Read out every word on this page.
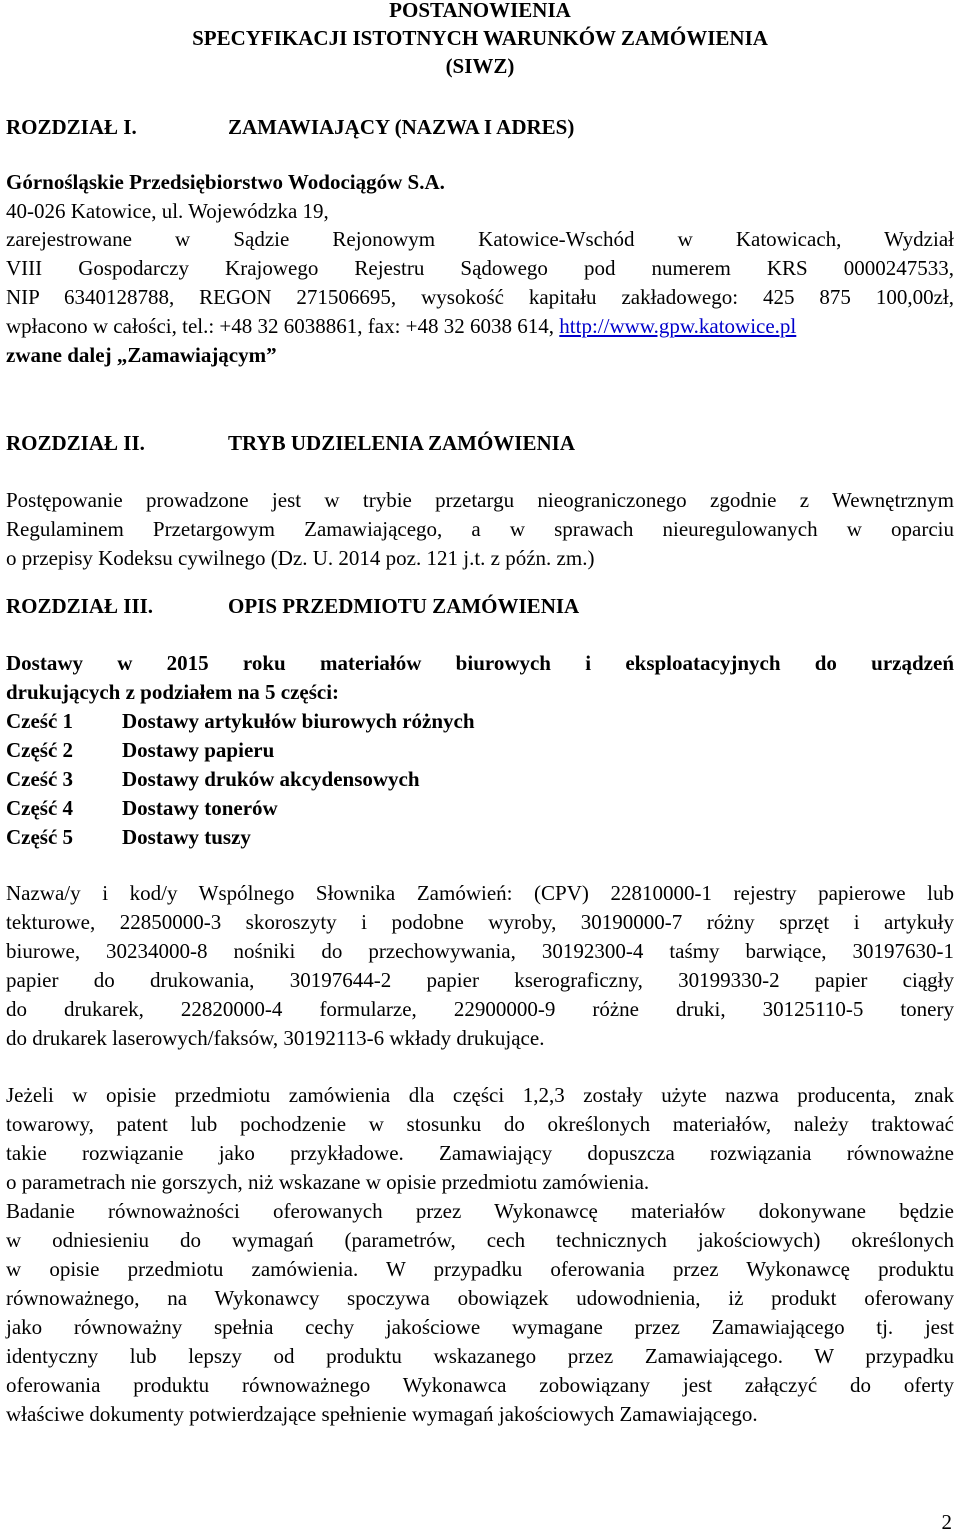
POSTANOWIENIA
SPECYFIKACJI ISTOTNYCH WARUNKÓW ZAMÓWIENIA
(SIWZ)
ROZDZIAŁ I.	ZAMAWIAJĄCY (NAZWA I ADRES)
Górnośląskie Przedsiębiorstwo Wodociągów S.A.
40-026 Katowice, ul. Wojewódzka 19,
zarejestrowane w Sądzie Rejonowym Katowice-Wschód w Katowicach, Wydział
VIII Gospodarczy Krajowego Rejestru Sądowego pod numerem KRS 0000247533,
NIP 6340128788, REGON 271506695, wysokość kapitału zakładowego: 425 875 100,00zł,
wpłacono w całości, tel.: +48 32 6038861, fax: +48 32 6038 614, http://www.gpw.katowice.pl
zwane dalej „Zamawiającym”
ROZDZIAŁ II.	TRYB UDZIELENIA ZAMÓWIENIA
Postępowanie prowadzone jest w trybie przetargu nieograniczonego zgodnie z Wewnętrznym
Regulaminem Przetargowym Zamawiającego, a w sprawach nieuregulowanych w oparciu
o przepisy Kodeksu cywilnego (Dz. U. 2014 poz. 121 j.t. z późn. zm.)
ROZDZIAŁ III.	OPIS PRZEDMIOTU ZAMÓWIENIA
Dostawy w 2015 roku materiałów biurowych i eksploatacyjnych do urządzeń
drukujących z podziałem na 5 części:
Cześć 1	Dostawy artykułów biurowych różnych
Część 2	Dostawy papieru
Cześć 3	Dostawy druków akcydensowych
Część 4	Dostawy tonerów
Część 5	Dostawy tuszy
Nazwa/y i kod/y Wspólnego Słownika Zamówień: (CPV) 22810000-1 rejestry papierowe lub
tekturowe, 22850000-3 skoroszyty i podobne wyroby, 30190000-7 różny sprzęt i artykuły
biurowe, 30234000-8 nośniki do przechowywania, 30192300-4 taśmy barwiące, 30197630-1
papier do drukowania, 30197644-2 papier kserograficzny, 30199330-2 papier ciągły
do drukarek, 22820000-4 formularze, 22900000-9 różne druki, 30125110-5 tonery
do drukarek laserowych/faksów, 30192113-6 wkłady drukujące.
Jeżeli w opisie przedmiotu zamówienia dla części 1,2,3 zostały użyte nazwa producenta, znak
towarowy, patent lub pochodzenie w stosunku do określonych materiałów, należy traktować
takie rozwiązanie jako przykładowe. Zamawiający dopuszcza rozwiązania równoważne
o parametrach nie gorszych, niż wskazane w opisie przedmiotu zamówienia.
Badanie równoważności oferowanych przez Wykonawcę materiałów dokonywane będzie
w odniesieniu do wymagań (parametrów, cech technicznych jakościowych) określonych
w opisie przedmiotu zamówienia. W przypadku oferowania przez Wykonawcę produktu
równoważnego, na Wykonawcy spoczywa obowiązek udowodnienia, iż produkt oferowany
jako równoważny spełnia cechy jakościowe wymagane przez Zamawiającego tj. jest
identyczny lub lepszy od produktu wskazanego przez Zamawiającego. W przypadku
oferowania produktu równoważnego Wykonawca zobowiązany jest załączyć do oferty
właściwe dokumenty potwierdzające spełnienie wymagań jakościowych Zamawiającego.
2
